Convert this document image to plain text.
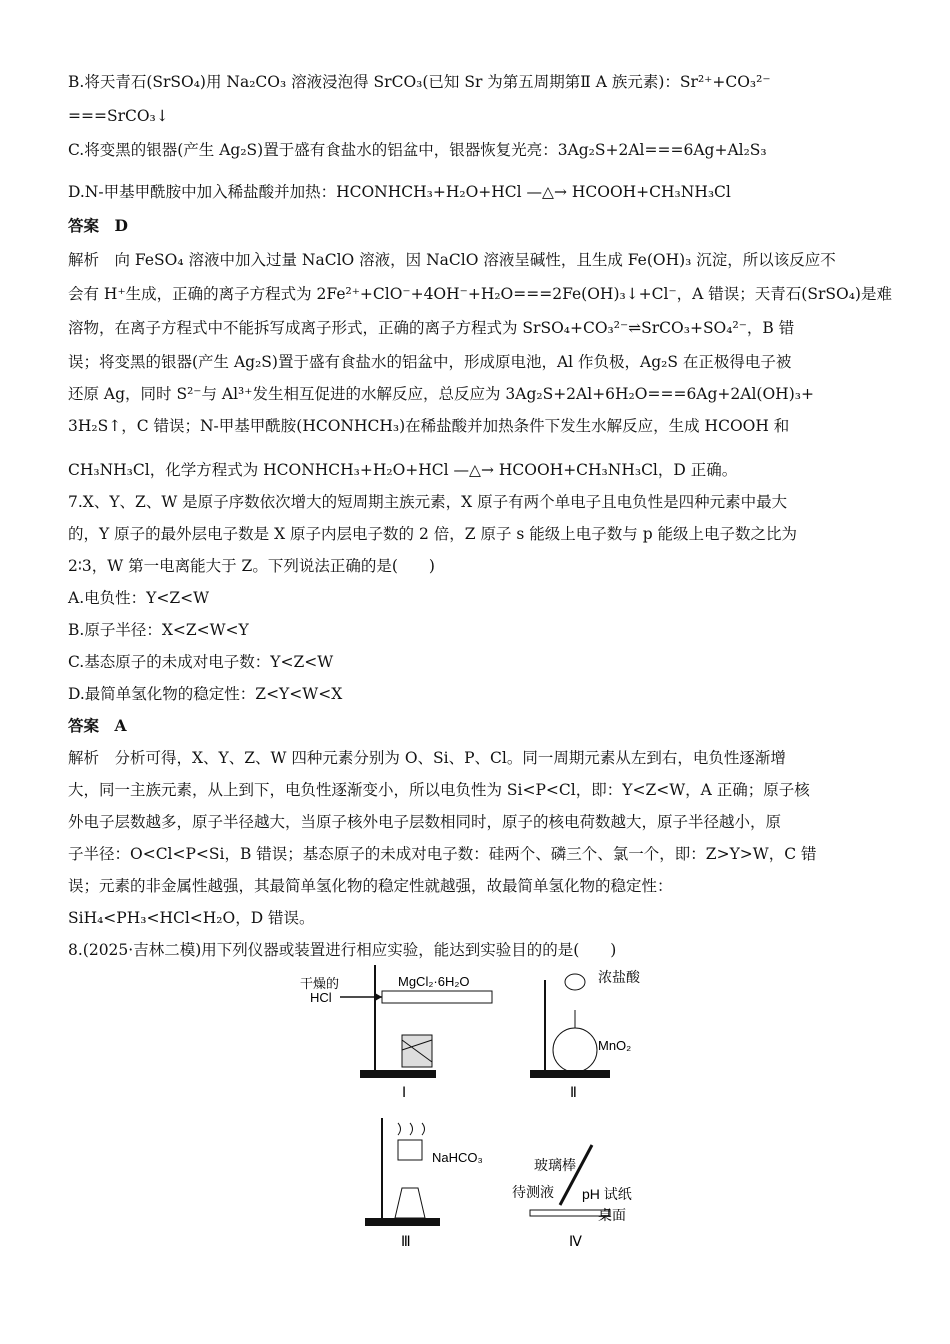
B.将天青石(SrSO₄)用 Na₂CO₃ 溶液浸泡得 SrCO₃(已知 Sr 为第五周期第Ⅱ A 族元素)：Sr²⁺+CO₃²⁻
===SrCO₃↓
C.将变黑的银器(产生 Ag₂S)置于盛有食盐水的铝盆中，银器恢复光亮：3Ag₂S+2Al===6Ag+Al₂S₃
D.N-甲基甲酰胺中加入稀盐酸并加热：HCONHCH₃+H₂O+HCl —△→ HCOOH+CH₃NH₃Cl
答案　D
解析　向 FeSO₄ 溶液中加入过量 NaClO 溶液，因 NaClO 溶液呈碱性，且生成 Fe(OH)₃ 沉淀，所以该反应不
会有 H⁺生成，正确的离子方程式为 2Fe²⁺+ClO⁻+4OH⁻+H₂O===2Fe(OH)₃↓+Cl⁻，A 错误；天青石(SrSO₄)是难
溶物，在离子方程式中不能拆写成离子形式，正确的离子方程式为 SrSO₄+CO₃²⁻⇌SrCO₃+SO₄²⁻，B 错
误；将变黑的银器(产生 Ag₂S)置于盛有食盐水的铝盆中，形成原电池，Al 作负极，Ag₂S 在正极得电子被
还原 Ag，同时 S²⁻与 Al³⁺发生相互促进的水解反应，总反应为 3Ag₂S+2Al+6H₂O===6Ag+2Al(OH)₃+
3H₂S↑，C 错误；N-甲基甲酰胺(HCONHCH₃)在稀盐酸并加热条件下发生水解反应，生成 HCOOH 和
CH₃NH₃Cl，化学方程式为 HCONHCH₃+H₂O+HCl —△→ HCOOH+CH₃NH₃Cl，D 正确。
7.X、Y、Z、W 是原子序数依次增大的短周期主族元素，X 原子有两个单电子且电负性是四种元素中最大
的，Y 原子的最外层电子数是 X 原子内层电子数的 2 倍，Z 原子 s 能级上电子数与 p 能级上电子数之比为
2∶3，W 第一电离能大于 Z。下列说法正确的是(　　)
A.电负性：Y<Z<W
B.原子半径：X<Z<W<Y
C.基态原子的未成对电子数：Y<Z<W
D.最简单氢化物的稳定性：Z<Y<W<X
答案　A
解析　分析可得，X、Y、Z、W 四种元素分别为 O、Si、P、Cl。同一周期元素从左到右，电负性逐渐增
大，同一主族元素，从上到下，电负性逐渐变小，所以电负性为 Si<P<Cl，即：Y<Z<W，A 正确；原子核
外电子层数越多，原子半径越大，当原子核外电子层数相同时，原子的核电荷数越大，原子半径越小，原
子半径：O<Cl<P<Si，B 错误；基态原子的未成对电子数：硅两个、磷三个、氯一个，即：Z>Y>W，C 错
误；元素的非金属性越强，其最简单氢化物的稳定性就越强，故最简单氢化物的稳定性：
SiH₄<PH₃<HCl<H₂O，D 错误。
8.(2025·吉林二模)用下列仪器或装置进行相应实验，能达到实验目的的是(　　)
干燥的
HCl
MgCl₂·6H₂O
Ⅰ
浓盐酸
MnO₂
Ⅱ
NaHCO₃
Ⅲ
玻璃棒
待测液 pH 试纸
桌面
Ⅳ
